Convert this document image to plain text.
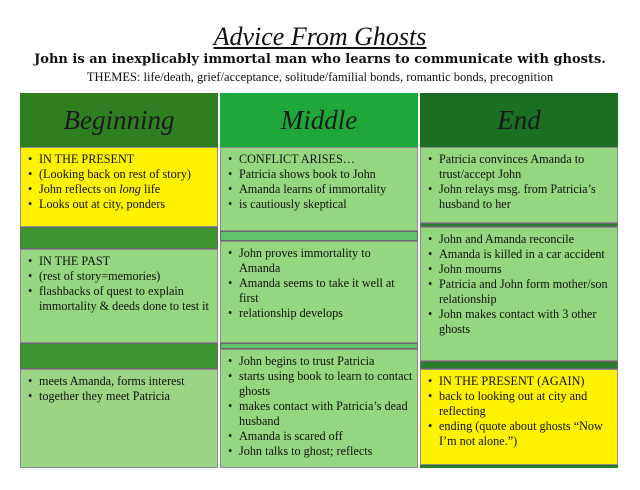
Advice From Ghosts
John is an inexplicably immortal man who learns to communicate with ghosts.
THEMES: life/death, grief/acceptance, solitude/familial bonds, romantic bonds, precognition
Beginning
• IN THE PRESENT
• (Looking back on rest of story)
• John reflects on long life
• Looks out at city, ponders
• IN THE PAST
• (rest of story=memories)
• flashbacks of quest to explain immortality & deeds done to test it
• meets Amanda, forms interest
• together they meet Patricia
Middle
• CONFLICT ARISES…
• Patricia shows book to John
• Amanda learns of immortality
• is cautiously skeptical
• John proves immortality to Amanda
• Amanda seems to take it well at first
• relationship develops
• John begins to trust Patricia
• starts using book to learn to contact ghosts
• makes contact with Patricia’s dead husband
• Amanda is scared off
• John talks to ghost; reflects
End
• Patricia convinces Amanda to trust/accept John
• John relays msg. from Patricia’s husband to her
• John and Amanda reconcile
• Amanda is killed in a car accident
• John mourns
• Patricia and John form mother/son relationship
• John makes contact with 3 other ghosts
• IN THE PRESENT (AGAIN)
• back to looking out at city and reflecting
• ending (quote about ghosts “Now I’m not alone.”)
